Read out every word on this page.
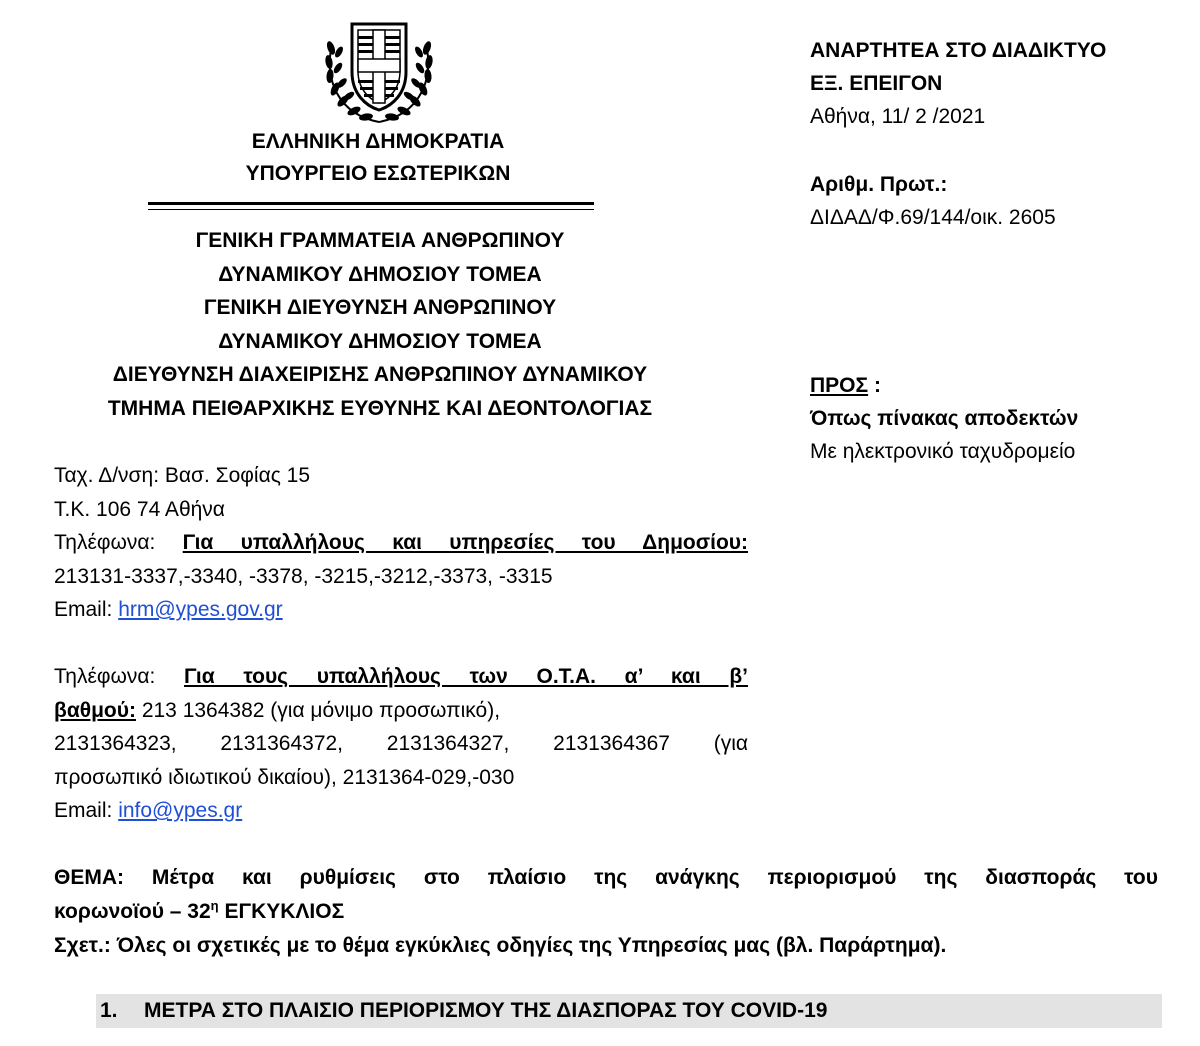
ΕΛΛΗΝΙΚΗ ΔΗΜΟΚΡΑΤΙΑ
ΥΠΟΥΡΓΕΙΟ ΕΣΩΤΕΡΙΚΩΝ
ΓΕΝΙΚΗ ΓΡΑΜΜΑΤΕΙΑ ΑΝΘΡΩΠΙΝΟΥ
ΔΥΝΑΜΙΚΟΥ ΔΗΜΟΣΙΟΥ ΤΟΜΕΑ
ΓΕΝΙΚΗ ΔΙΕΥΘΥΝΣΗ ΑΝΘΡΩΠΙΝΟΥ
ΔΥΝΑΜΙΚΟΥ ΔΗΜΟΣΙΟΥ ΤΟΜΕΑ
ΔΙΕΥΘΥΝΣΗ ΔΙΑΧΕΙΡΙΣΗΣ ΑΝΘΡΩΠΙΝΟΥ ΔΥΝΑΜΙΚΟΥ
ΤΜΗΜΑ ΠΕΙΘΑΡΧΙΚΗΣ ΕΥΘΥΝΗΣ ΚΑΙ ΔΕΟΝΤΟΛΟΓΙΑΣ
ΑΝΑΡΤΗΤΕΑ ΣΤΟ ΔΙΑΔΙΚΤΥΟ
ΕΞ. ΕΠΕΙΓΟΝ
Αθήνα, 11/ 2 /2021
Αριθμ. Πρωτ.:
ΔΙΔΑΔ/Φ.69/144/οικ. 2605
ΠΡΟΣ :
Όπως πίνακας αποδεκτών
Με ηλεκτρονικό ταχυδρομείο
Ταχ. Δ/νση: Βασ. Σοφίας 15
Τ.Κ. 106 74 Αθήνα
Τηλέφωνα: Για υπαλλήλους και υπηρεσίες του Δημοσίου:
213131-3337,-3340, -3378, -3215,-3212,-3373, -3315
Email: hrm@ypes.gov.gr
Τηλέφωνα: Για τους υπαλλήλους των Ο.Τ.Α. α’ και β’
βαθμού: 213 1364382 (για μόνιμο προσωπικό),
2131364323, 2131364372, 2131364327, 2131364367 (για
προσωπικό ιδιωτικού δικαίου), 2131364-029,-030
Email: info@ypes.gr
ΘΕΜΑ: Μέτρα και ρυθμίσεις στο πλαίσιο της ανάγκης περιορισμού της διασποράς του
κορωνοϊού – $32^\eta$ ΕΓΚΥΚΛΙΟΣ
Σχετ.: Όλες οι σχετικές με το θέμα εγκύκλιες οδηγίες της Υπηρεσίας μας (βλ. Παράρτημα).
1. ΜΕΤΡΑ ΣΤΟ ΠΛΑΙΣΙΟ ΠΕΡΙΟΡΙΣΜΟΥ ΤΗΣ ΔΙΑΣΠΟΡΑΣ ΤΟΥ COVID-19
